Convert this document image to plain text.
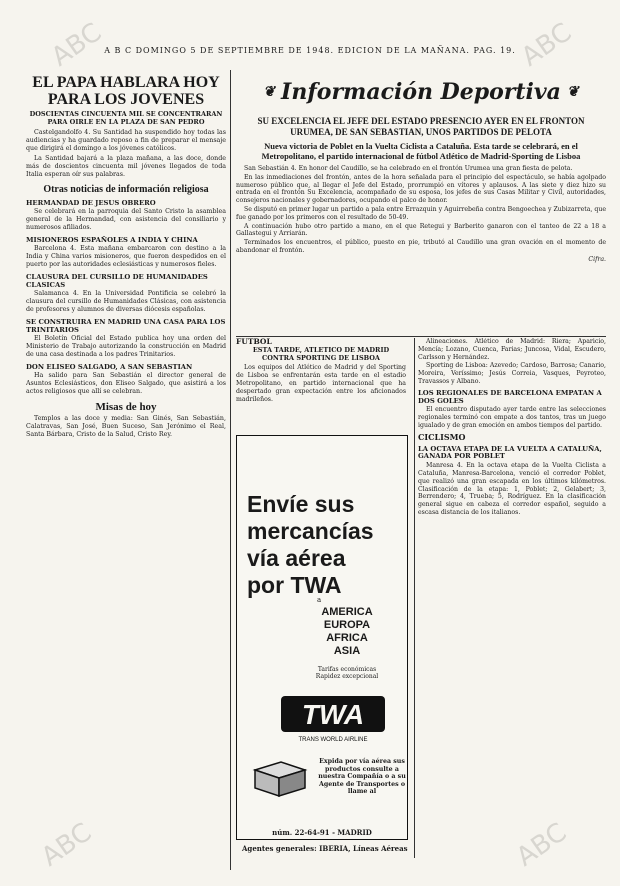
ABC	ABC
ABC	ABC
A B C DOMINGO 5 DE SEPTIEMBRE DE 1948. EDICION DE LA MAÑANA. PAG. 19.
EL PAPA HABLARA HOY PARA LOS JOVENES
DOSCIENTAS CINCUENTA MIL SE CONCENTRARAN PARA OIRLE EN LA PLAZA DE SAN PEDRO

Castelgandolfo 4. Su Santidad ha suspendido hoy todas las audiencias y ha guardado reposo a fin de preparar el mensaje que dirigirá el domingo a los jóvenes católicos.

La Santidad bajará a la plaza mañana, a las doce, donde más de doscientos cincuenta mil jóvenes llegados de toda Italia esperan oír sus palabras.

Otras noticias de información religiosa
HERMANDAD DE JESUS OBRERO

Se celebrará en la parroquia del Santo Cristo la asamblea general de la Hermandad, con asistencia del consiliario y numerosos afiliados.

MISIONEROS ESPAÑOLES A INDIA Y CHINA

Barcelona 4. Esta mañana embarcaron con destino a la India y China varios misioneros, que fueron despedidos en el puerto por las autoridades eclesiásticas y numerosos fieles.

CLAUSURA DEL CURSILLO DE HUMANIDADES CLASICAS

Salamanca 4. En la Universidad Pontificia se celebró la clausura del cursillo de Humanidades Clásicas, con asistencia de profesores y alumnos de diversas diócesis españolas.

SE CONSTRUIRA EN MADRID UNA CASA PARA LOS TRINITARIOS

El Boletín Oficial del Estado publica hoy una orden del Ministerio de Trabajo autorizando la construcción en Madrid de una casa destinada a los padres Trinitarios.

DON ELISEO SALGADO, A SAN SEBASTIAN

Ha salido para San Sebastián el director general de Asuntos Eclesiásticos, don Eliseo Salgado, que asistirá a los actos religiosos que allí se celebran.

Misas de hoy

Templos a las doce y media: San Ginés, San Sebastián, Calatravas, San José, Buen Suceso, San Jerónimo el Real, Santa Bárbara, Cristo de la Salud, Cristo Rey.

❦ Información Deportiva ❦
SU EXCELENCIA EL JEFE DEL ESTADO PRESENCIO AYER EN EL FRONTON URUMEA, DE SAN SEBASTIAN, UNOS PARTIDOS DE PELOTA
Nueva victoria de Poblet en la Vuelta Ciclista a Cataluña. Esta tarde se celebrará, en el Metropolitano, el partido internacional de fútbol Atlético de Madrid-Sporting de Lisboa

San Sebastián 4. En honor del Caudillo, se ha celebrado en el frontón Urumea una gran fiesta de pelota.

En las inmediaciones del frontón, antes de la hora señalada para el principio del espectáculo, se había agolpado numeroso público que, al llegar el Jefe del Estado, prorrumpió en vítores y aplausos. A las siete y diez hizo su entrada en el frontón Su Excelencia, acompañado de su esposa, los jefes de sus Casas Militar y Civil, autoridades, consejeros nacionales y gobernadores, ocupando el palco de honor.

Se disputó en primer lugar un partido a pala entre Errazquin y Aguirrebeña contra Bengoechea y Zubizarreta, que fue ganado por los primeros con el resultado de 50-49.

A continuación hubo otro partido a mano, en el que Retegui y Barberito ganaron con el tanteo de 22 a 18 a Gallastegui y Arriarán.

Terminados los encuentros, el público, puesto en pie, tributó al Caudillo una gran ovación en el momento de abandonar el frontón.

Cifra.
FUTBOL
ESTA TARDE, ATLETICO DE MADRID CONTRA SPORTING DE LISBOA

Los equipos del Atlético de Madrid y del Sporting de Lisboa se enfrentarán esta tarde en el estadio Metropolitano, en partido internacional que ha despertado gran expectación entre los aficionados madrileños.

Envíe sus
mercancías
vía aérea
por TWA
a
AMERICA
EUROPA
AFRICA
ASIA
Tarifas económicas Rapidez excepcional
TWA
TRANS WORLD AIRLINE
Expida por vía aérea sus productos consulte a nuestra Compañía o a su Agente de Transportes o llame al
núm. 22-64-91 - MADRID
Agentes generales: IBERIA, Líneas Aéreas

Alineaciones. Atlético de Madrid: Riera; Aparicio, Mencía; Lozano, Cuenca, Farias; Juncosa, Vidal, Escudero, Carlsson y Hernández.

Sporting de Lisboa: Azevedo; Cardoso, Barrosa; Canario, Moreira, Veríssimo; Jesús Correia, Vasques, Peyroteo, Travassos y Albano.

LOS REGIONALES DE BARCELONA EMPATAN A DOS GOLES

El encuentro disputado ayer tarde entre las selecciones regionales terminó con empate a dos tantos, tras un juego igualado y de gran emoción en ambos tiempos del partido.

CICLISMO
LA OCTAVA ETAPA DE LA VUELTA A CATALUÑA, GANADA POR POBLET

Manresa 4. En la octava etapa de la Vuelta Ciclista a Cataluña, Manresa-Barcelona, venció el corredor Poblet, que realizó una gran escapada en los últimos kilómetros. Clasificación de la etapa: 1, Poblet; 2, Gelabert; 3, Berrendero; 4, Trueba; 5, Rodríguez. En la clasificación general sigue en cabeza el corredor español, seguido a escasa distancia de los italianos.
